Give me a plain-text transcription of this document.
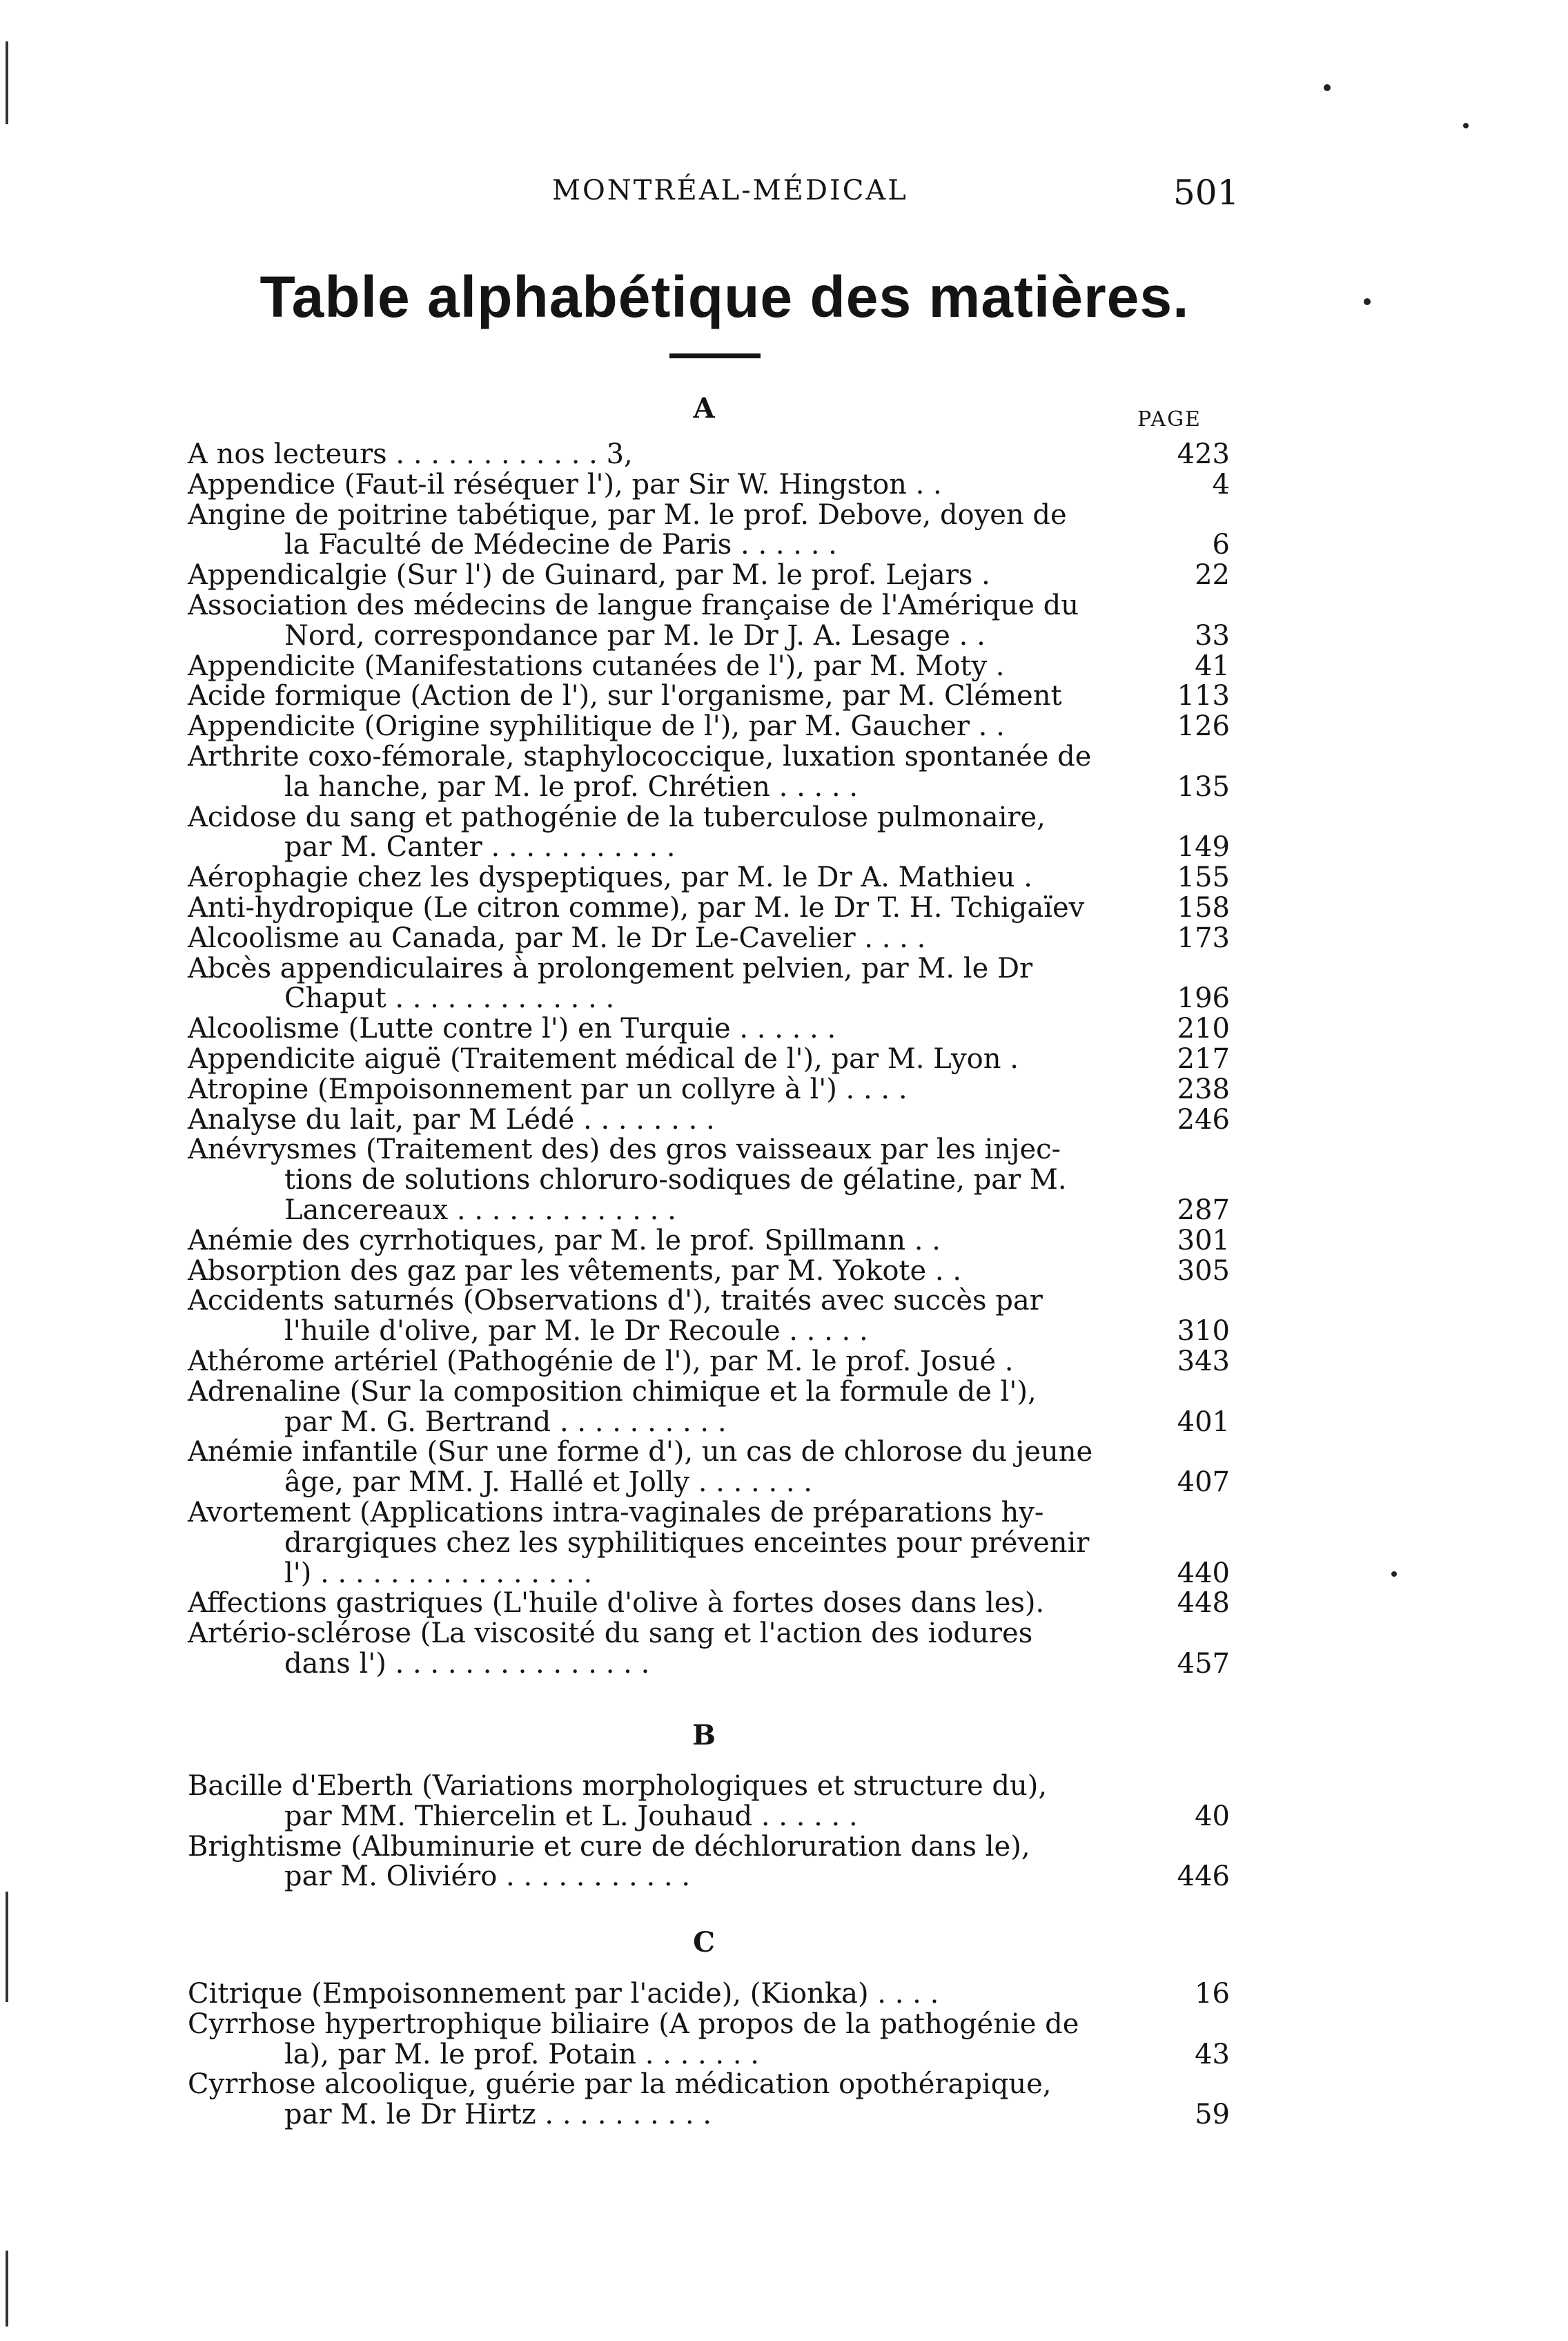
MONTRÉAL-MÉDICAL	501
Table alphabétique des matières.
PAGE
A
B
C
A nos lecteurs . . . . . . . . . . . . 3,	423
Appendice (Faut-il réséquer l'), par Sir W. Hingston . .	4
Angine de poitrine tabétique, par M. le prof. Debove, doyen de
la Faculté de Médecine de Paris . . . . . .	6
Appendicalgie (Sur l') de Guinard, par M. le prof. Lejars .	22
Association des médecins de langue française de l'Amérique du
Nord, correspondance par M. le Dr J. A. Lesage . .	33
Appendicite (Manifestations cutanées de l'), par M. Moty .	41
Acide formique (Action de l'), sur l'organisme, par M. Clément	113
Appendicite (Origine syphilitique de l'), par M. Gaucher . .	126
Arthrite coxo-fémorale, staphylococcique, luxation spontanée de
la hanche, par M. le prof. Chrétien . . . . .	135
Acidose du sang et pathogénie de la tuberculose pulmonaire,
par M. Canter . . . . . . . . . . .	149
Aérophagie chez les dyspeptiques, par M. le Dr A. Mathieu .	155
Anti-hydropique (Le citron comme), par M. le Dr T. H. Tchigaïev	158
Alcoolisme au Canada, par M. le Dr Le-Cavelier . . . .	173
Abcès appendiculaires à prolongement pelvien, par M. le Dr
Chaput . . . . . . . . . . . . .	196
Alcoolisme (Lutte contre l') en Turquie . . . . . .	210
Appendicite aiguë (Traitement médical de l'), par M. Lyon .	217
Atropine (Empoisonnement par un collyre à l') . . . .	238
Analyse du lait, par M Lédé . . . . . . . .	246
Anévrysmes (Traitement des) des gros vaisseaux par les injec-
tions de solutions chloruro-sodiques de gélatine, par M.
Lancereaux . . . . . . . . . . . . .	287
Anémie des cyrrhotiques, par M. le prof. Spillmann . .	301
Absorption des gaz par les vêtements, par M. Yokote . .	305
Accidents saturnés (Observations d'), traités avec succès par
l'huile d'olive, par M. le Dr Recoule . . . . .	310
Athérome artériel (Pathogénie de l'), par M. le prof. Josué .	343
Adrenaline (Sur la composition chimique et la formule de l'),
par M. G. Bertrand . . . . . . . . . .	401
Anémie infantile (Sur une forme d'), un cas de chlorose du jeune
âge, par MM. J. Hallé et Jolly . . . . . . .	407
Avortement (Applications intra-vaginales de préparations hy-
drargiques chez les syphilitiques enceintes pour prévenir
l') . . . . . . . . . . . . . . . .	440
Affections gastriques (L'huile d'olive à fortes doses dans les).	448
Artério-sclérose (La viscosité du sang et l'action des iodures
dans l') . . . . . . . . . . . . . . .	457
Bacille d'Eberth (Variations morphologiques et structure du),
par MM. Thiercelin et L. Jouhaud . . . . . .	40
Brightisme (Albuminurie et cure de déchloruration dans le),
par M. Oliviéro . . . . . . . . . . .	446
Citrique (Empoisonnement par l'acide), (Kionka) . . . .	16
Cyrrhose hypertrophique biliaire (A propos de la pathogénie de
la), par M. le prof. Potain . . . . . . .	43
Cyrrhose alcoolique, guérie par la médication opothérapique,
par M. le Dr Hirtz . . . . . . . . . .	59
